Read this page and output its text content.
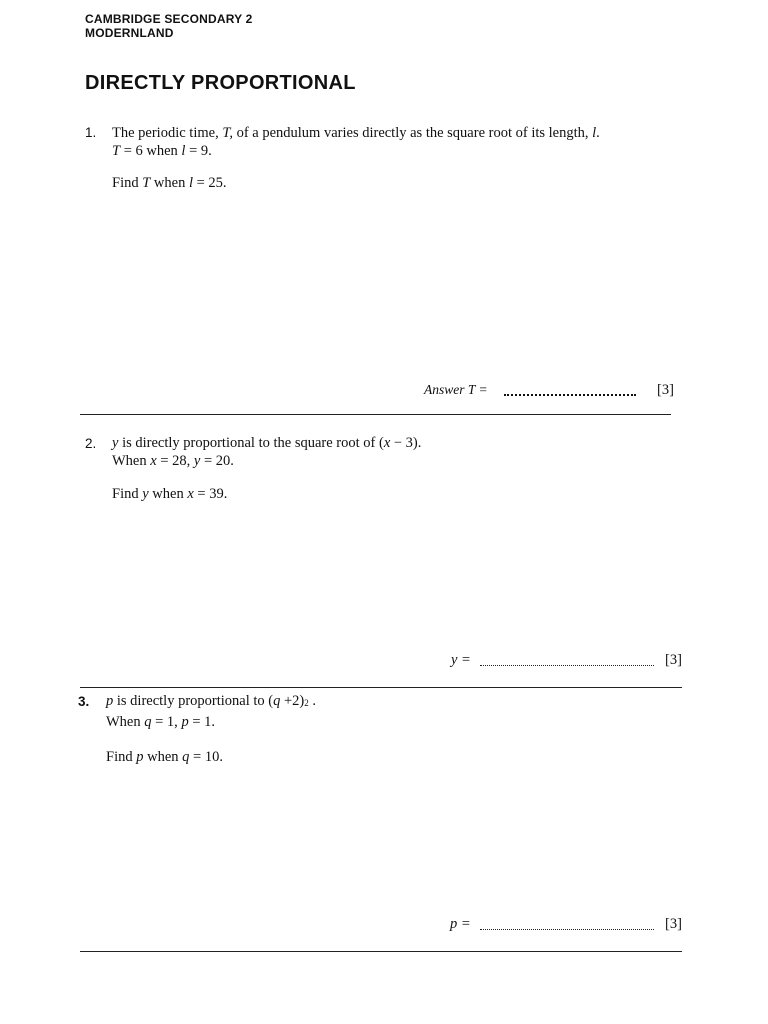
CAMBRIDGE SECONDARY 2
MODERNLAND
DIRECTLY PROPORTIONAL
1. The periodic time, T, of a pendulum varies directly as the square root of its length, l.
T = 6 when l = 9.
Find T when l = 25.
Answer T =	[3]
2. y is directly proportional to the square root of (x − 3).
When x = 28, y = 20.
Find y when x = 39.
y =	[3]
3. p is directly proportional to $(q +2)^2$ .
When q = 1, p = 1.
Find p when q = 10.
p =	[3]
